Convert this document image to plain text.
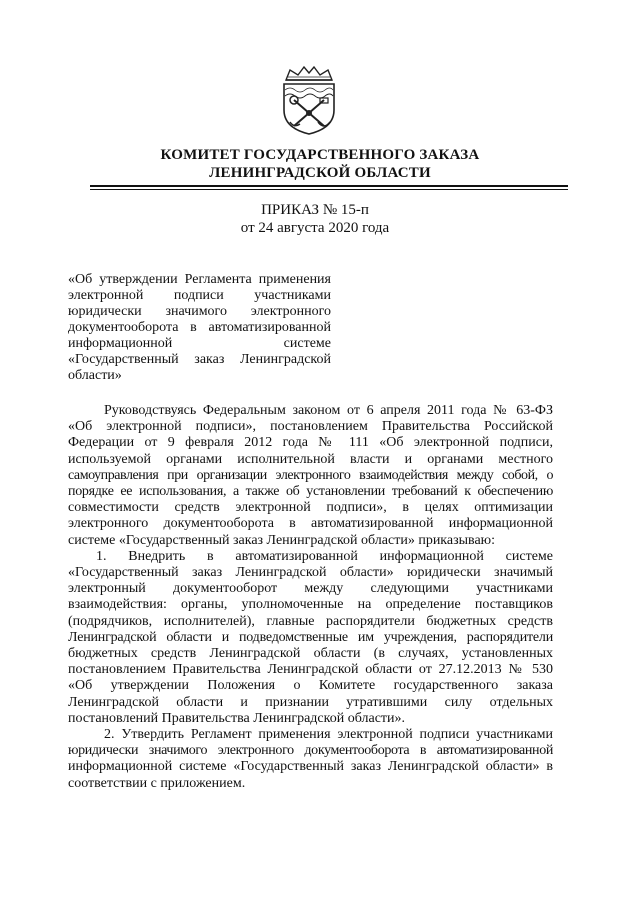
КОМИТЕТ ГОСУДАРСТВЕННОГО ЗАКАЗА
ЛЕНИНГРАДСКОЙ ОБЛАСТИ
ПРИКАЗ № 15-п
от 24 августа 2020 года
«Об утверждении Регламента применения
электронной подписи участниками
юридически значимого электронного
документооборота в автоматизированной
информационной системе
«Государственный заказ Ленинградской
области»
Руководствуясь Федеральным законом от 6 апреля 2011 года № 63-ФЗ
«Об электронной подписи», постановлением Правительства Российской
Федерации от 9 февраля 2012 года № 111 «Об электронной подписи,
используемой органами исполнительной власти и органами местного
самоуправления при организации электронного взаимодействия между собой, о
порядке ее использования, а также об установлении требований к обеспечению
совместимости средств электронной подписи», в целях оптимизации
электронного документооборота в автоматизированной информационной
системе «Государственный заказ Ленинградской области» приказываю:
1. Внедрить в автоматизированной информационной системе
«Государственный заказ Ленинградской области» юридически значимый
электронный документооборот между следующими участниками
взаимодействия: органы, уполномоченные на определение поставщиков
(подрядчиков, исполнителей), главные распорядители бюджетных средств
Ленинградской области и подведомственные им учреждения, распорядители
бюджетных средств Ленинградской области (в случаях, установленных
постановлением Правительства Ленинградской области от 27.12.2013 № 530
«Об утверждении Положения о Комитете государственного заказа
Ленинградской области и признании утратившими силу отдельных
постановлений Правительства Ленинградской области».
2. Утвердить Регламент применения электронной подписи участниками
юридически значимого электронного документооборота в автоматизированной
информационной системе «Государственный заказ Ленинградской области» в
соответствии с приложением.
